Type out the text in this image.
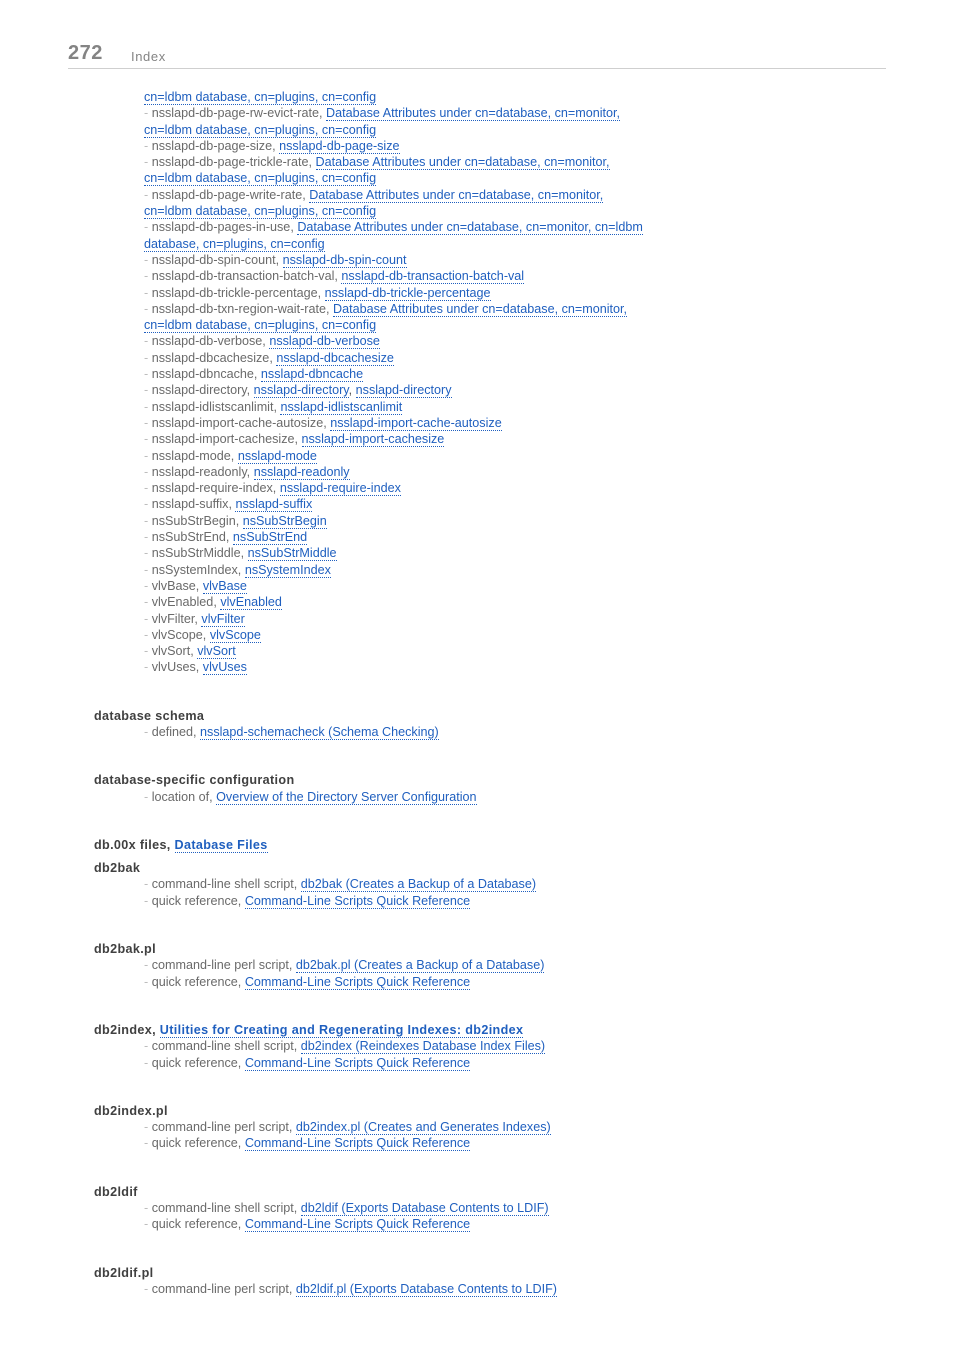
272 Index

cn=ldbm database, cn=plugins, cn=config

- nsslapd-db-page-rw-evict-rate, Database Attributes under cn=database, cn=monitor,

cn=ldbm database, cn=plugins, cn=config

- nsslapd-db-page-size, nsslapd-db-page-size

- nsslapd-db-page-trickle-rate, Database Attributes under cn=database, cn=monitor,

cn=ldbm database, cn=plugins, cn=config

- nsslapd-db-page-write-rate, Database Attributes under cn=database, cn=monitor,

cn=ldbm database, cn=plugins, cn=config

- nsslapd-db-pages-in-use, Database Attributes under cn=database, cn=monitor, cn=ldbm

database, cn=plugins, cn=config

- nsslapd-db-spin-count, nsslapd-db-spin-count

- nsslapd-db-transaction-batch-val, nsslapd-db-transaction-batch-val

- nsslapd-db-trickle-percentage, nsslapd-db-trickle-percentage

- nsslapd-db-txn-region-wait-rate, Database Attributes under cn=database, cn=monitor,

cn=ldbm database, cn=plugins, cn=config

- nsslapd-db-verbose, nsslapd-db-verbose

- nsslapd-dbcachesize, nsslapd-dbcachesize

- nsslapd-dbncache, nsslapd-dbncache

- nsslapd-directory, nsslapd-directory, nsslapd-directory

- nsslapd-idlistscanlimit, nsslapd-idlistscanlimit

- nsslapd-import-cache-autosize, nsslapd-import-cache-autosize

- nsslapd-import-cachesize, nsslapd-import-cachesize

- nsslapd-mode, nsslapd-mode

- nsslapd-readonly, nsslapd-readonly

- nsslapd-require-index, nsslapd-require-index

- nsslapd-suffix, nsslapd-suffix

- nsSubStrBegin, nsSubStrBegin

- nsSubStrEnd, nsSubStrEnd

- nsSubStrMiddle, nsSubStrMiddle

- nsSystemIndex, nsSystemIndex

- vlvBase, vlvBase

- vlvEnabled, vlvEnabled

- vlvFilter, vlvFilter

- vlvScope, vlvScope

- vlvSort, vlvSort

- vlvUses, vlvUses

database schema

- defined, nsslapd-schemacheck (Schema Checking)

database-specific configuration

- location of, Overview of the Directory Server Configuration

db.00x files, Database Files

db2bak

- command-line shell script, db2bak (Creates a Backup of a Database)

- quick reference, Command-Line Scripts Quick Reference

db2bak.pl

- command-line perl script, db2bak.pl (Creates a Backup of a Database)

- quick reference, Command-Line Scripts Quick Reference

db2index, Utilities for Creating and Regenerating Indexes: db2index

- command-line shell script, db2index (Reindexes Database Index Files)

- quick reference, Command-Line Scripts Quick Reference

db2index.pl

- command-line perl script, db2index.pl (Creates and Generates Indexes)

- quick reference, Command-Line Scripts Quick Reference

db2ldif

- command-line shell script, db2ldif (Exports Database Contents to LDIF)

- quick reference, Command-Line Scripts Quick Reference

db2ldif.pl

- command-line perl script, db2ldif.pl (Exports Database Contents to LDIF)
